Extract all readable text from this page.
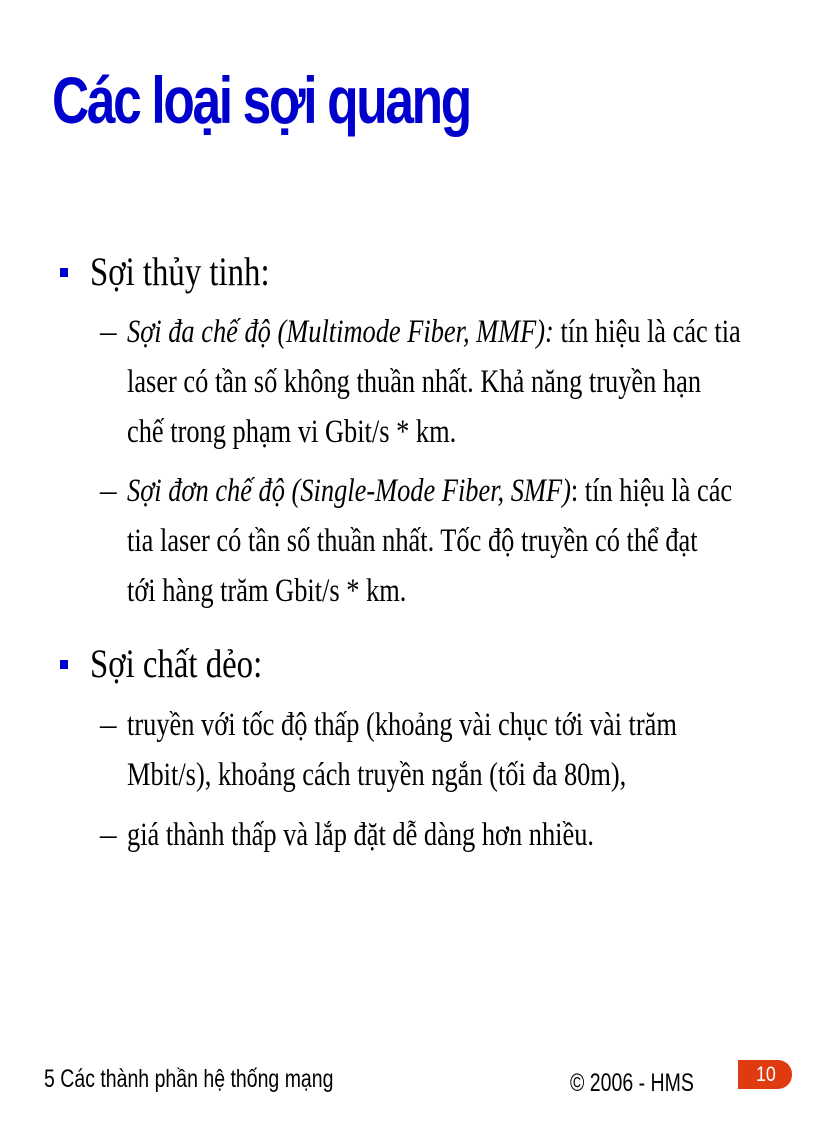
Các loại sợi quang
Sợi thủy tinh:
– Sợi đa chế độ (Multimode Fiber, MMF): tín hiệu là các tia
laser có tần số không thuần nhất. Khả năng truyền hạn
chế trong phạm vi Gbit/s * km.
– Sợi đơn chế độ (Single-Mode Fiber, SMF): tín hiệu là các
tia laser có tần số thuần nhất. Tốc độ truyền có thể đạt
tới hàng trăm Gbit/s * km.
Sợi chất dẻo:
– truyền với tốc độ thấp (khoảng vài chục tới vài trăm
Mbit/s), khoảng cách truyền ngắn (tối đa 80m),
– giá thành thấp và lắp đặt dễ dàng hơn nhiều.
5 Các thành phần hệ thống mạng	© 2006 - HMS	10
